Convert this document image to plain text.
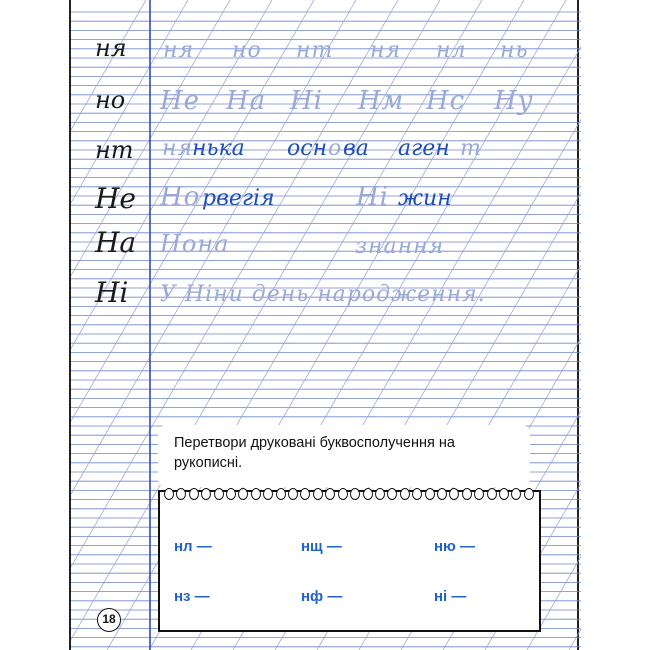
ня
но
нт
Не
На
Ні
ня но нт ня нл нь
Не На Ні Нм Нс Ну
ня
нька осн о ва аген т
Но рвегія	Ні жин
Нона	знання
У Ніни день народження.
Перетвори друковані буквосполучення на рукописні.
нл —	нщ —	ню —
нз —	нф —	ні —
18
